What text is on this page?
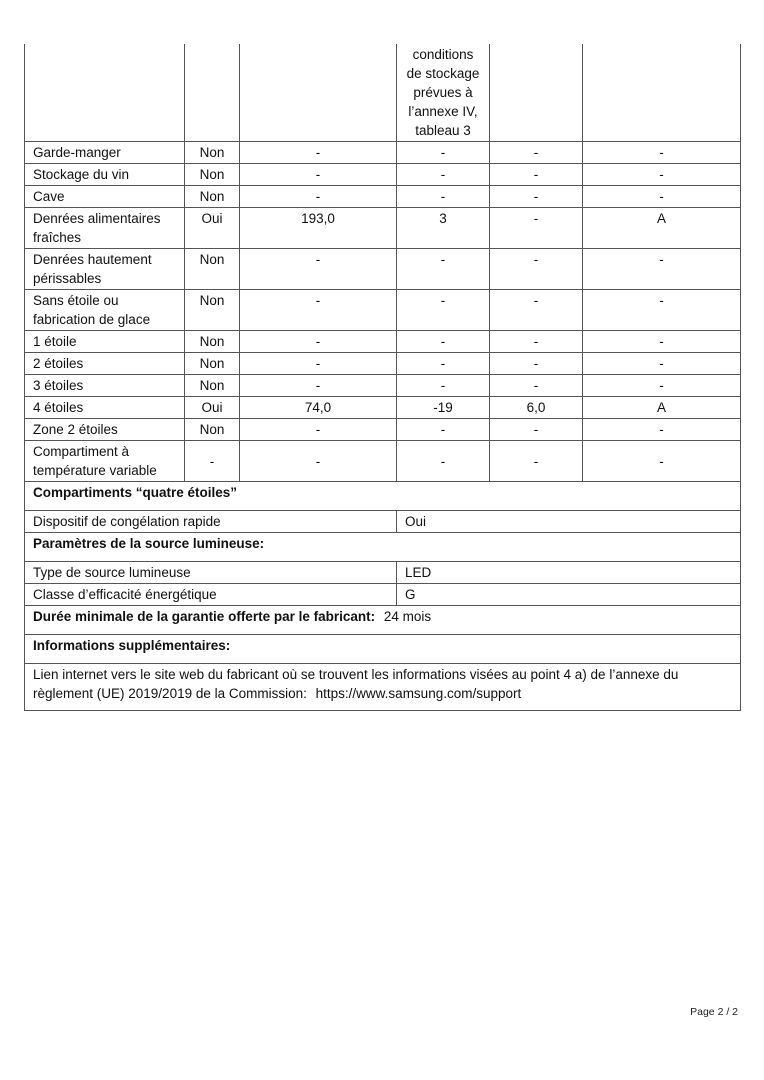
			conditions
de stockage
prévues à
l’annexe IV,
tableau 3		

Garde-manger	Non	-	-	-	-
Stockage du vin	Non	-	-	-	-
Cave	Non	-	-	-	-
Denrées alimentaires fraîches	Oui	193,0	3	-	A
Denrées hautement périssables	Non	-	-	-	-
Sans étoile ou fabrication de glace	Non	-	-	-	-
1 étoile	Non	-	-	-	-
2 étoiles	Non	-	-	-	-
3 étoiles	Non	-	-	-	-
4 étoiles	Oui	74,0	-19	6,0	A
Zone 2 étoiles	Non	-	-	-	-
Compartiment à température variable	-	-	-	-	-
Compartiments “quatre étoiles”					
Dispositif de congélation rapide			Oui		
Paramètres de la source lumineuse:					
Type de source lumineuse			LED		
Classe d’efficacité énergétique			G		
Durée minimale de la garantie offerte par le fabricant: 24 mois					
Informations supplémentaires:					
Lien internet vers le site web du fabricant où se trouvent les informations visées au point 4 a) de l’annexe du règlement (UE) 2019/2019 de la Commission: https://www.samsung.com/support					
Page 2 / 2
